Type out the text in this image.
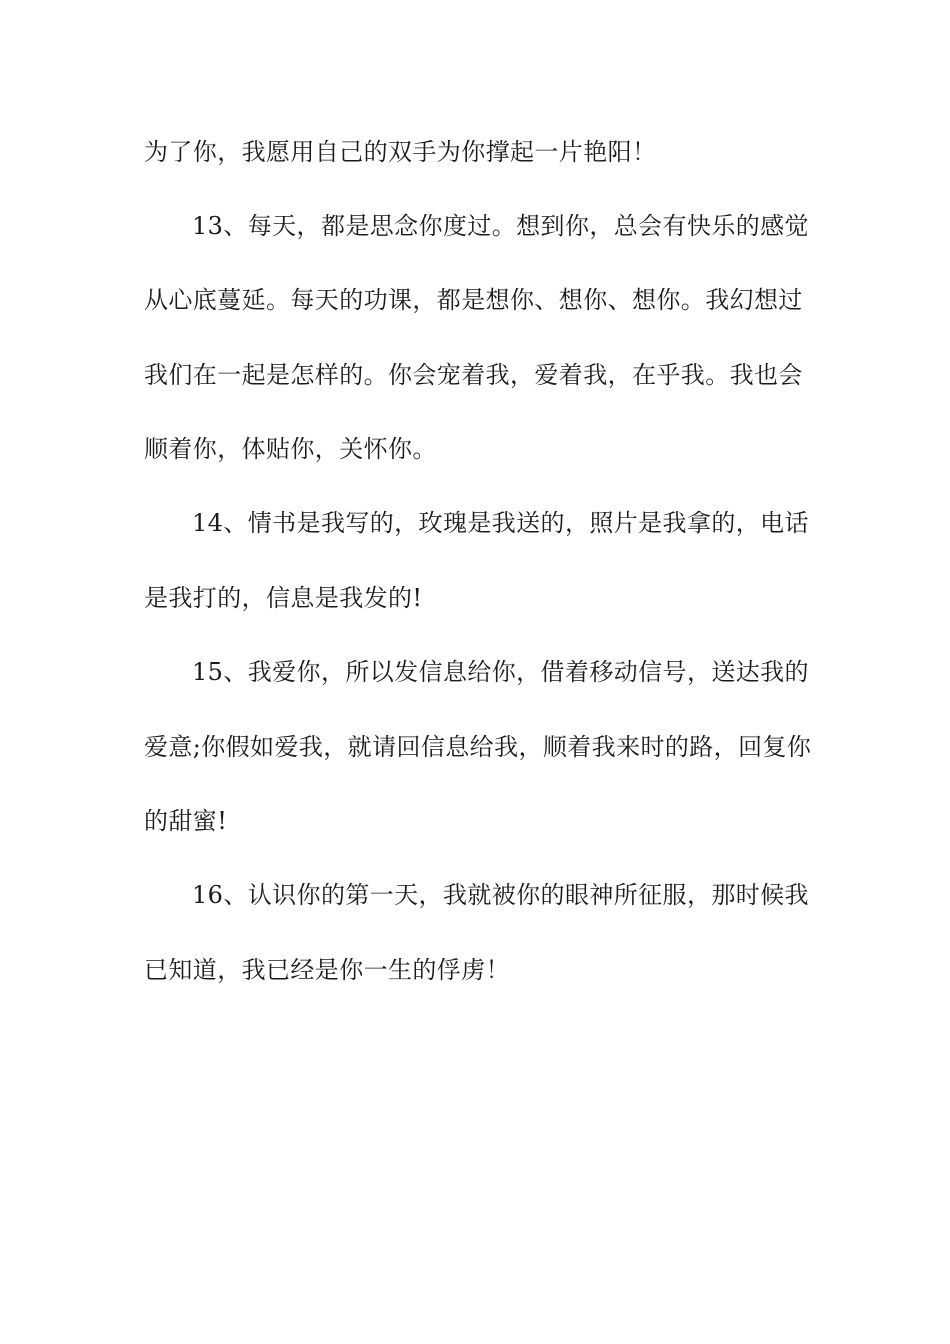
为了你，我愿用自己的双手为你撑起一片艳阳！
13、每天，都是思念你度过。想到你，总会有快乐的感觉
从心底蔓延。每天的功课，都是想你、想你、想你。我幻想过
我们在一起是怎样的。你会宠着我，爱着我，在乎我。我也会
顺着你，体贴你，关怀你。
14、情书是我写的，玫瑰是我送的，照片是我拿的，电话
是我打的，信息是我发的!
15、我爱你，所以发信息给你，借着移动信号，送达我的
爱意;你假如爱我，就请回信息给我，顺着我来时的路，回复你
的甜蜜!
16、认识你的第一天，我就被你的眼神所征服，那时候我
已知道，我已经是你一生的俘虏！
